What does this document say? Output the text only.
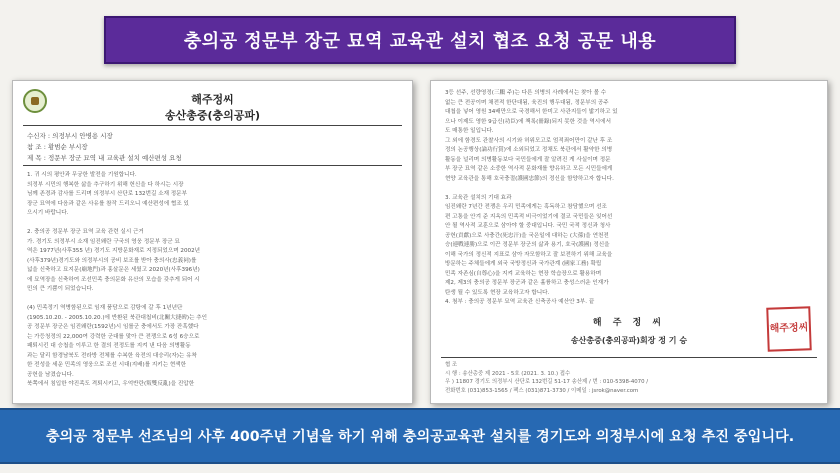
충의공 정문부 장군 묘역 교육관 설치 협조 요청 공문 내용
해주정씨
송산총중(충의공파)
수신자 : 의정부시 안병용 시장
참 조 : 황범순 부시장
제 목 : 정문부 장군 묘역 내 교육관 설치 예산편성 요청
1. 귀 시의 평안과 무궁한 발전을 기원합니다.
의정부 시민의 행복한 삶을 추구하기 위해 헌신을 다 하시는 시장
님께 존경과 감사를 드리며 의정부시 산단로 132번길 소재 정문부
장군 묘역에 다음과 같은 사유를 참작 드리오니 예산편성에 협조 있
으시기 바랍니다.

2. 충의공 정문부 장군 묘역 교육 관련 실시 근거
가. 경기도 의정부시 소재 임진왜란 구국의 영웅 정문부 장군 묘
역은 1977년(사후355 년) 경기도 지방문화재로 지정되었으며 2002년
(사후379년)경기도와 의정부시의 공비 보조를 받아 충의사(忠義祠)를
넓을 신축하고 묘지문(廟地門)과 홍살문은 세웠고 2020년(사후396년)
에 묘역장을 신축하여 조선민족 충의문화 유산의 모습을 갖추게 되어 시
민의 큰 기쁨이 되었습니다.

(4) 민족정기 역병함된으로 임재 품담으로 감탕에 갈 후 1년년단
(1905.10.20. - 2005.10.20.)에 반환된 북관대첩비(北關大捷碑)는 추인
공 정문부 장군은 임진왜란(1592년)시 임를군 충에서도 가장 잔혹했다
는 가등청정의 22,000여 강력한 군대를 맞아 큰 전쟁으로 6성 6승으로
패퇴시킨 대 승첩을 이루고 한 결의 전정도를 지켜 낸 다음 의병활동
과는 달리 함경남북도 전라방 전체를 수복한 육전의 대승리(자)는 유착
한 전성을 세운 민족의 영웅으로 조선 시대(지배)를 지키는 현색한
공헌을 남겼습니다.
북쪽에서 침입한 야진족도 격퇴시키고, 우억반란(叛雙反亂)을 진압한
3등 선주, 선량영정(三鵬 주)는 다른 의병의 사례에서는 찾아 볼 수
없는 큰 전공이며 채전적 한단대됨, 육진의 행두대됨, 정문부의 공주
대첩을 넣어 영원 34배만으로 국경해서 한미고 사관지들이 밟기하고 있
으나 이제도 영한 9급신(功臣)에 책록(冊錄)되지 못한 것을 역시에서
도 매통한 일입니다.
그 외에 함경도 관찰사의 시기와 허위모고로 엄적죄어만이 같난 후 조
정의 논공행상(論功行賞)에 소외되었고 정채도 북관에서 활약한 의병
활동을 널리며 의병활동보다 국민들에게 잘 알려진 게 사실이며 정문
부 장군 묘역 같은 소중한 역사적 문화재를 향유하고 모든 시민들에게
현양 교육관을 통해 호국충절(護國忠節)의 정신을 함양하고자 합니다.

3. 교육관 설치의 기대 효과
임진왜란 7년간 전쟁은 우리 민족에게는 혹독하고 참담했으며 선조
편 고통을 안겨 준 지옥의 민족적 비극이었기에 결코 국민들은 잊어선
안 될 역사적 교훈으로 삼아야 할 중대입니다. 국민 국적 정신과 청사
공헌(貢獻)으로 사충간(死忠汗)을 국은일에 대하는 (大孫)을 연천전
승(連戰連勝)으로 이끈 정문부 장군의 삶과 용기, 호국(護國) 정신을
이해 국가의 정신적 지표로 삼아 자모함하고 잘 보전하기 위해 교육을
방문하는 주체들에게 외국 국방정신과 국가관계 (國家工務) 확립
민족 자존심(自尊心)을 지켜 교육하는 현장 학습장으로 활용하며
제2, 제3의 충의공 정문부 장군과 같은 훌륭하고 충성스러운 인재가
탄생 될 수 있도록 현장 교육하고자 합니다.
4. 첨부 : 충의공 정문부 묘역 교육관 신축공사 예산안 3부. 끝
해 주 정 씨
송산총중(충의공파)회장 정 기 승
해주정씨
협 조
시 행 : 송산총중 제 2021 - 5호 (2021. 3. 10.) 접수
우 ) 11807 경기도 의정부시 산단로 132번길 51-17 송산제 / 번 : 010-5398-4070 /
전화번호 (031)853-1565 / 팩스 (031)871-3730 / 이메일 : jsrok@naver.com
충의공 정문부 선조님의 사후 400주년 기념을 하기 위해 충의공교육관 설치를 경기도와 의정부시에 요청 추진 중입니다.
